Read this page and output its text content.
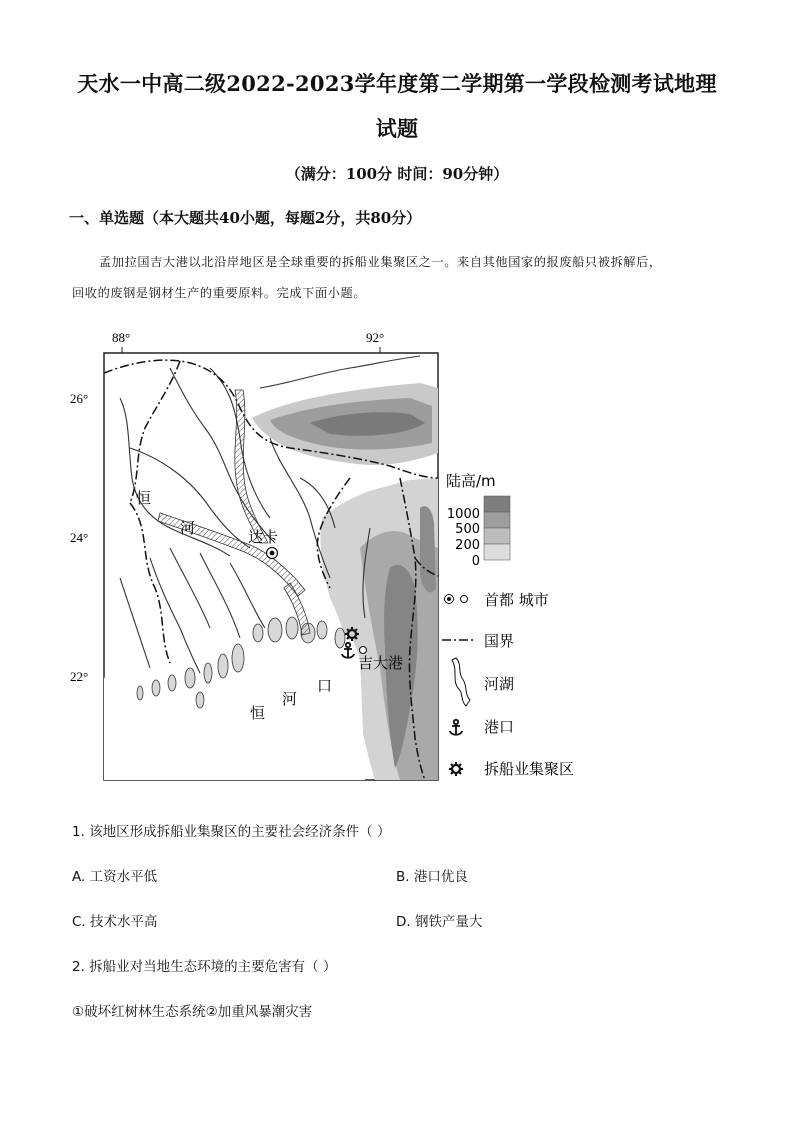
天水一中高二级2022-2023学年度第二学期第一学段检测考试地理
试题
（满分：100分 时间：90分钟）
一、单选题（本大题共40小题，每题2分，共80分）
孟加拉国吉大港以北沿岸地区是全球重要的拆船业集聚区之一。来自其他国家的报废船只被拆解后，
回收的废钢是钢材生产的重要原料。完成下面小题。
88°	92°
26°
24°
22°
恒
河	达卡
吉大港
恒
河
口
陆高/m
1000
500
200
0
首都 城市
国界
河湖
港口
拆船业集聚区
1. 该地区形成拆船业集聚区的主要社会经济条件（ ）
A. 工资水平低	B. 港口优良
C. 技术水平高	D. 钢铁产量大
2. 拆船业对当地生态环境的主要危害有（ ）
①破坏红树林生态系统②加重风暴潮灾害
